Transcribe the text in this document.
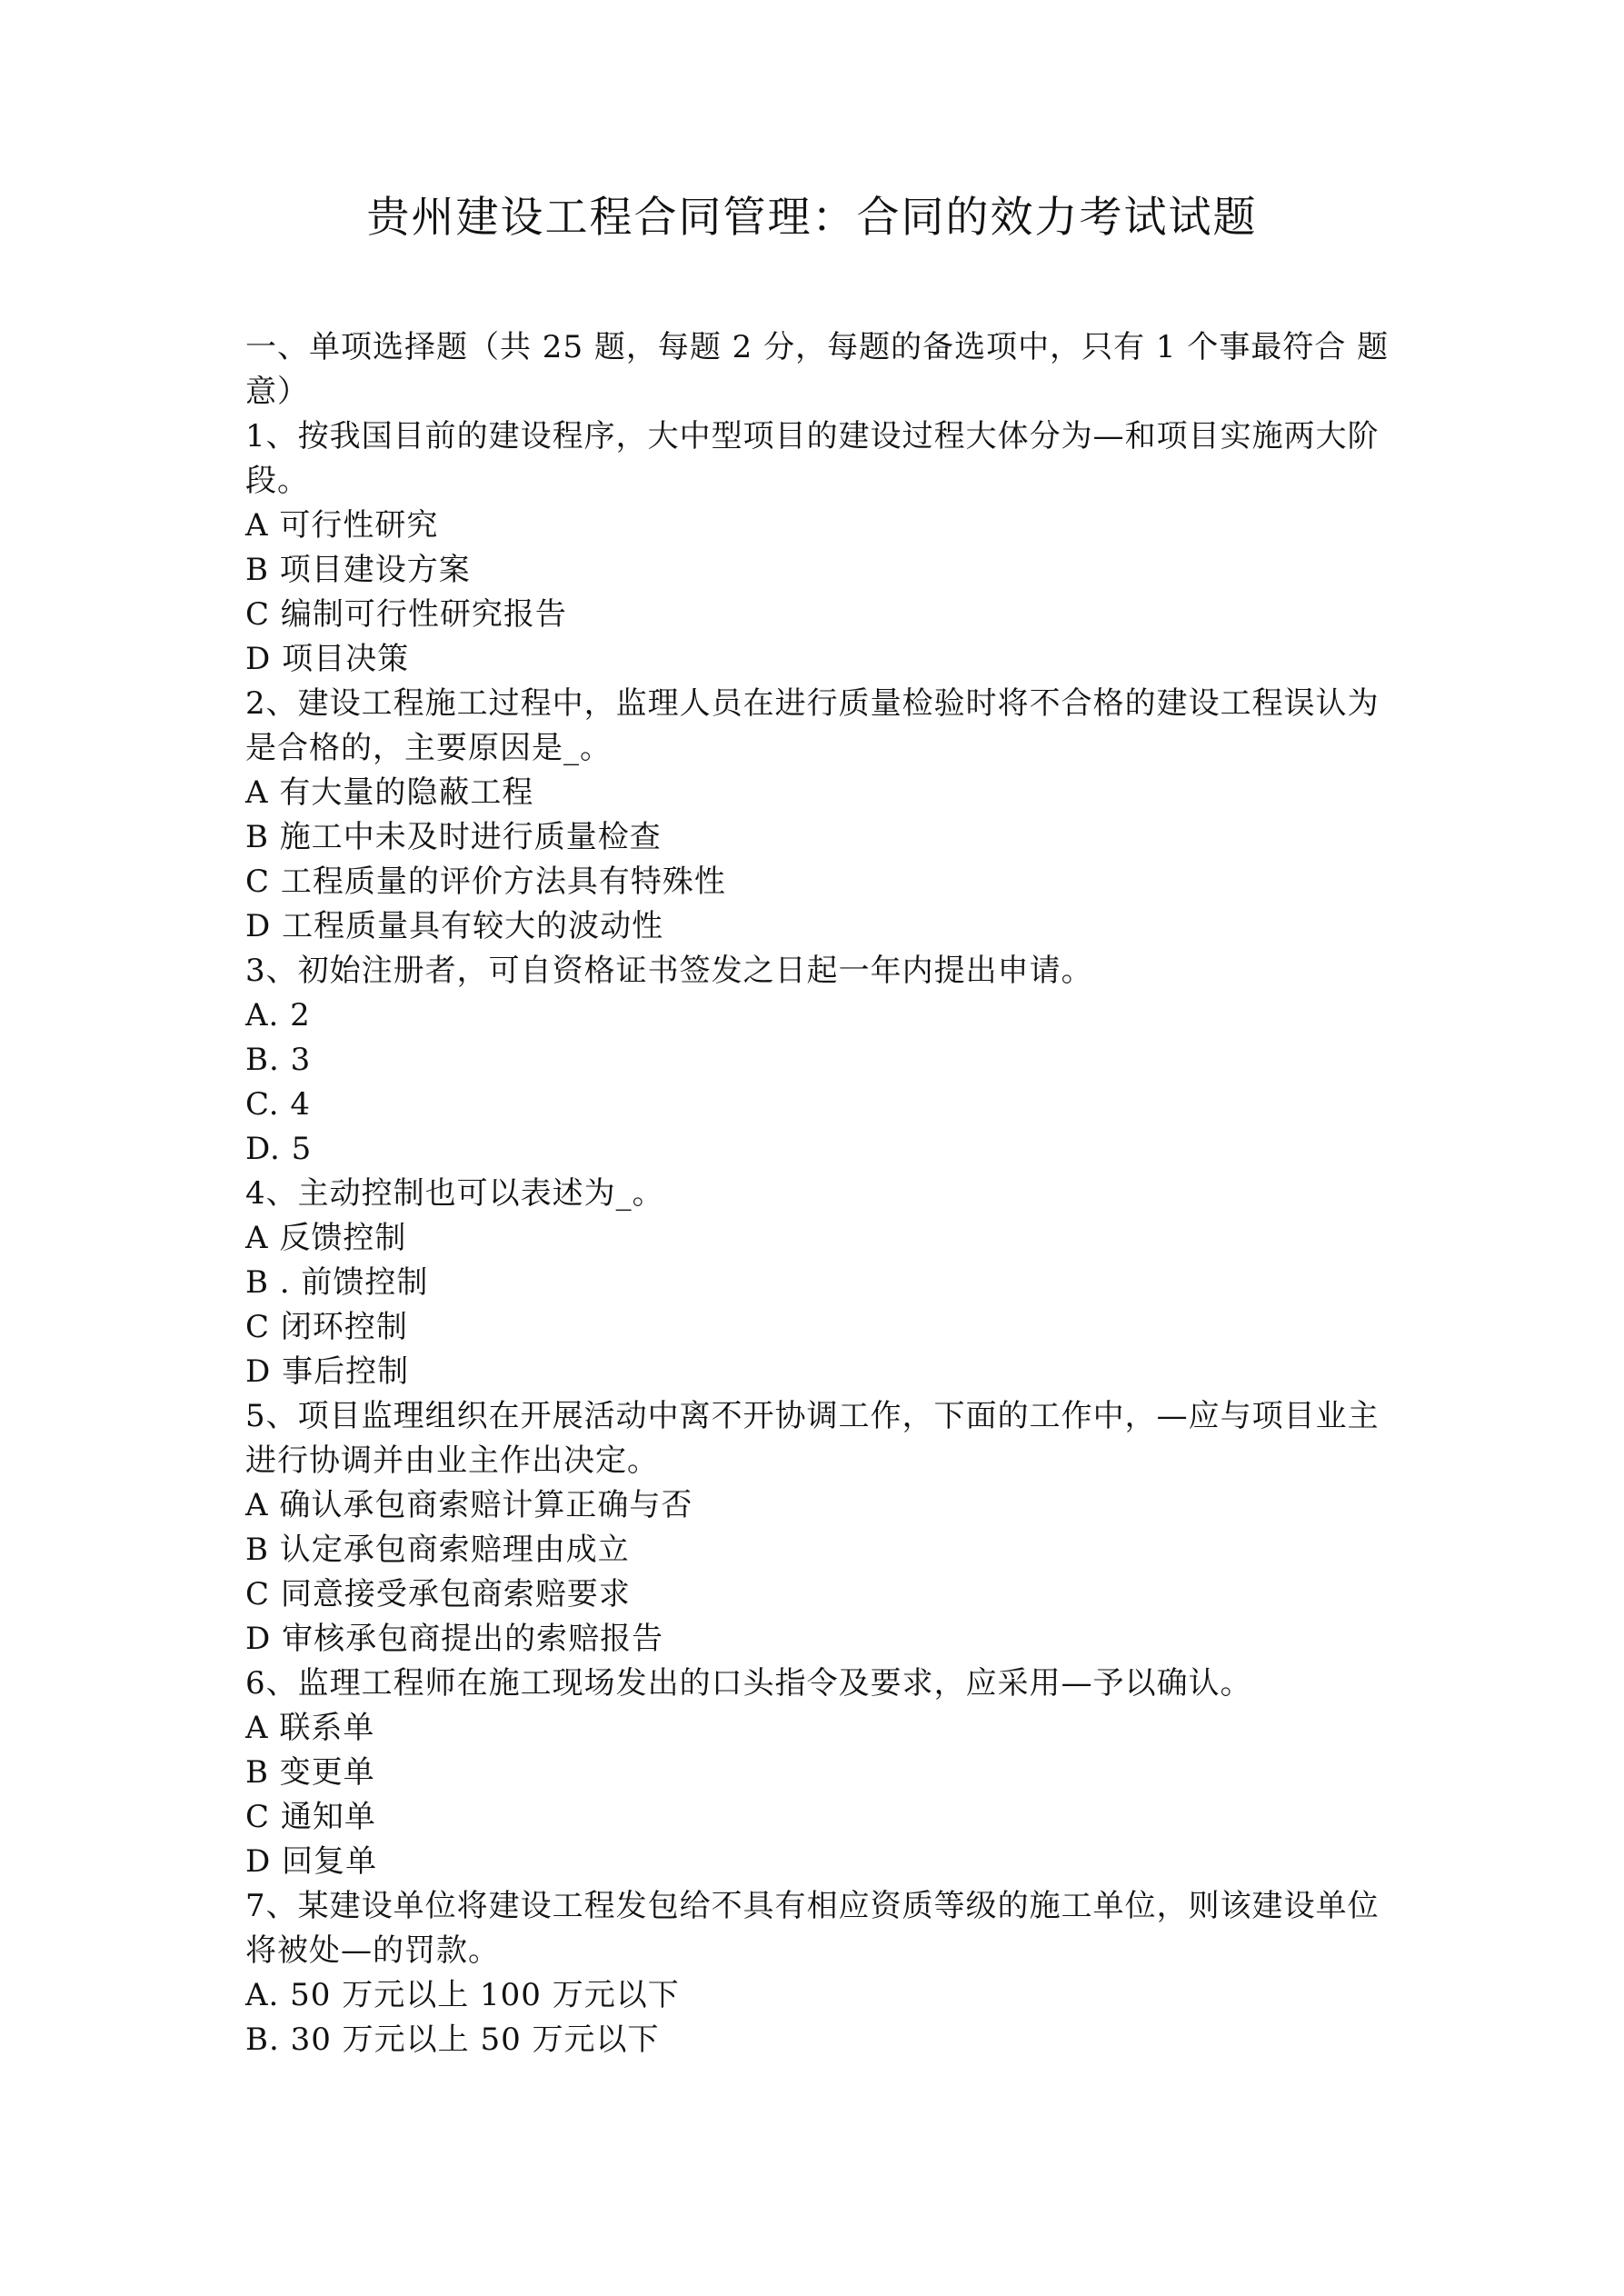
贵州建设工程合同管理：合同的效力考试试题

一、单项选择题（共 25 题，每题 2 分，每题的备选项中，只有 1 个事最符合 题意）

1、按我国目前的建设程序，大中型项目的建设过程大体分为—和项目实施两大阶段。
A 可行性研究
B 项目建设方案
C 编制可行性研究报告
D 项目决策
2、建设工程施工过程中，监理人员在进行质量检验时将不合格的建设工程误认为是合格的，主要原因是_。
A 有大量的隐蔽工程
B 施工中未及时进行质量检查
C 工程质量的评价方法具有特殊性
D 工程质量具有较大的波动性
3、初始注册者，可自资格证书签发之日起一年内提出申请。
A. 2
B. 3
C. 4
D. 5
4、主动控制也可以表述为_。
A 反馈控制
B . 前馈控制
C 闭环控制
D 事后控制
5、项目监理组织在开展活动中离不开协调工作，下面的工作中，—应与项目业主进行协调并由业主作出决定。
A 确认承包商索赔计算正确与否
B 认定承包商索赔理由成立
C 同意接受承包商索赔要求
D 审核承包商提出的索赔报告
6、监理工程师在施工现场发出的口头指令及要求，应采用—予以确认。
A 联系单
B 变更单
C 通知单
D 回复单
7、某建设单位将建设工程发包给不具有相应资质等级的施工单位，则该建设单位将被处—的罚款。
A. 50 万元以上 100 万元以下
B. 30 万元以上 50 万元以下
